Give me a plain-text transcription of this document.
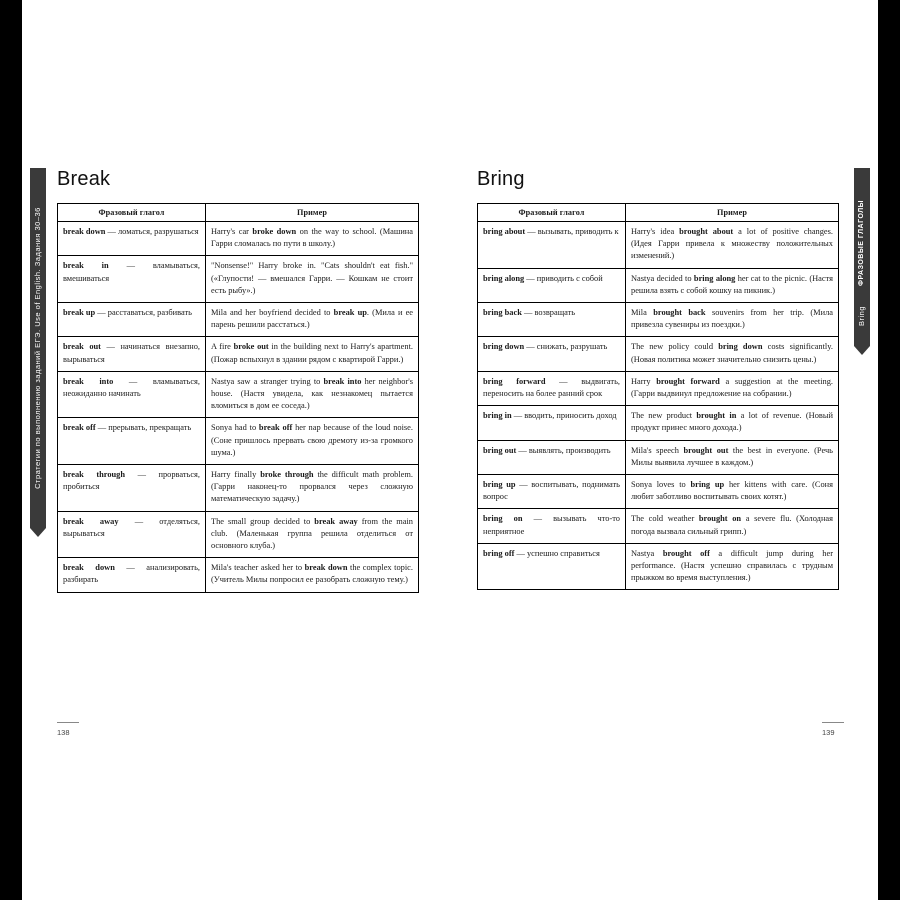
Стратегии по выполнению заданий ЕГЭ. Use of English. Задания 30–36	ФРАЗОВЫЕ ГЛАГОЛЫ
Bring
Break
Фразовый глагол	Пример
break down — ломаться, разрушаться	Harry's car broke down on the way to school. (Машина Гарри сломалась по пути в школу.)
break in — вламываться, вмешиваться	"Nonsense!" Harry broke in. "Cats shouldn't eat fish." («Глупости! — вмешался Гарри. — Кошкам не стоит есть рыбу».)
break up — расставаться, разбивать	Mila and her boyfriend decided to break up. (Мила и ее парень решили расстаться.)
break out — начинаться внезапно, вырываться	A fire broke out in the building next to Harry's apartment. (Пожар вспыхнул в здании рядом с квартирой Гарри.)
break into — вламываться, неожиданно начинать	Nastya saw a stranger trying to break into her neighbor's house. (Настя увидела, как незнакомец пытается вломиться в дом ее соседа.)
break off — прерывать, прекращать	Sonya had to break off her nap because of the loud noise. (Соне пришлось прервать свою дремоту из-за громкого шума.)
break through — прорваться, пробиться	Harry finally broke through the difficult math problem. (Гарри наконец-то прорвался через сложную математическую задачу.)
break away — отделяться, вырываться	The small group decided to break away from the main club. (Маленькая группа решила отделиться от основного клуба.)
break down — анализировать, разбирать	Mila's teacher asked her to break down the complex topic. (Учитель Милы попросил ее разобрать сложную тему.)
Bring
Фразовый глагол	Пример
bring about — вызывать, приводить к	Harry's idea brought about a lot of positive changes. (Идея Гарри привела к множеству положительных изменений.)
bring along — приводить с собой	Nastya decided to bring along her cat to the picnic. (Настя решила взять с собой кошку на пикник.)
bring back — возвращать	Mila brought back souvenirs from her trip. (Мила привезла сувениры из поездки.)
bring down — снижать, разрушать	The new policy could bring down costs significantly. (Новая политика может значительно снизить цены.)
bring forward — выдвигать, переносить на более ранний срок	Harry brought forward a suggestion at the meeting. (Гарри выдвинул предложение на собрании.)
bring in — вводить, приносить доход	The new product brought in a lot of revenue. (Новый продукт принес много дохода.)
bring out — выявлять, производить	Mila's speech brought out the best in everyone. (Речь Милы выявила лучшее в каждом.)
bring up — воспитывать, поднимать вопрос	Sonya loves to bring up her kittens with care. (Соня любит заботливо воспитывать своих котят.)
bring on — вызывать что-то неприятное	The cold weather brought on a severe flu. (Холодная погода вызвала сильный грипп.)
bring off — успешно справиться	Nastya brought off a difficult jump during her performance. (Настя успешно справилась с трудным прыжком во время выступления.)
138	139
